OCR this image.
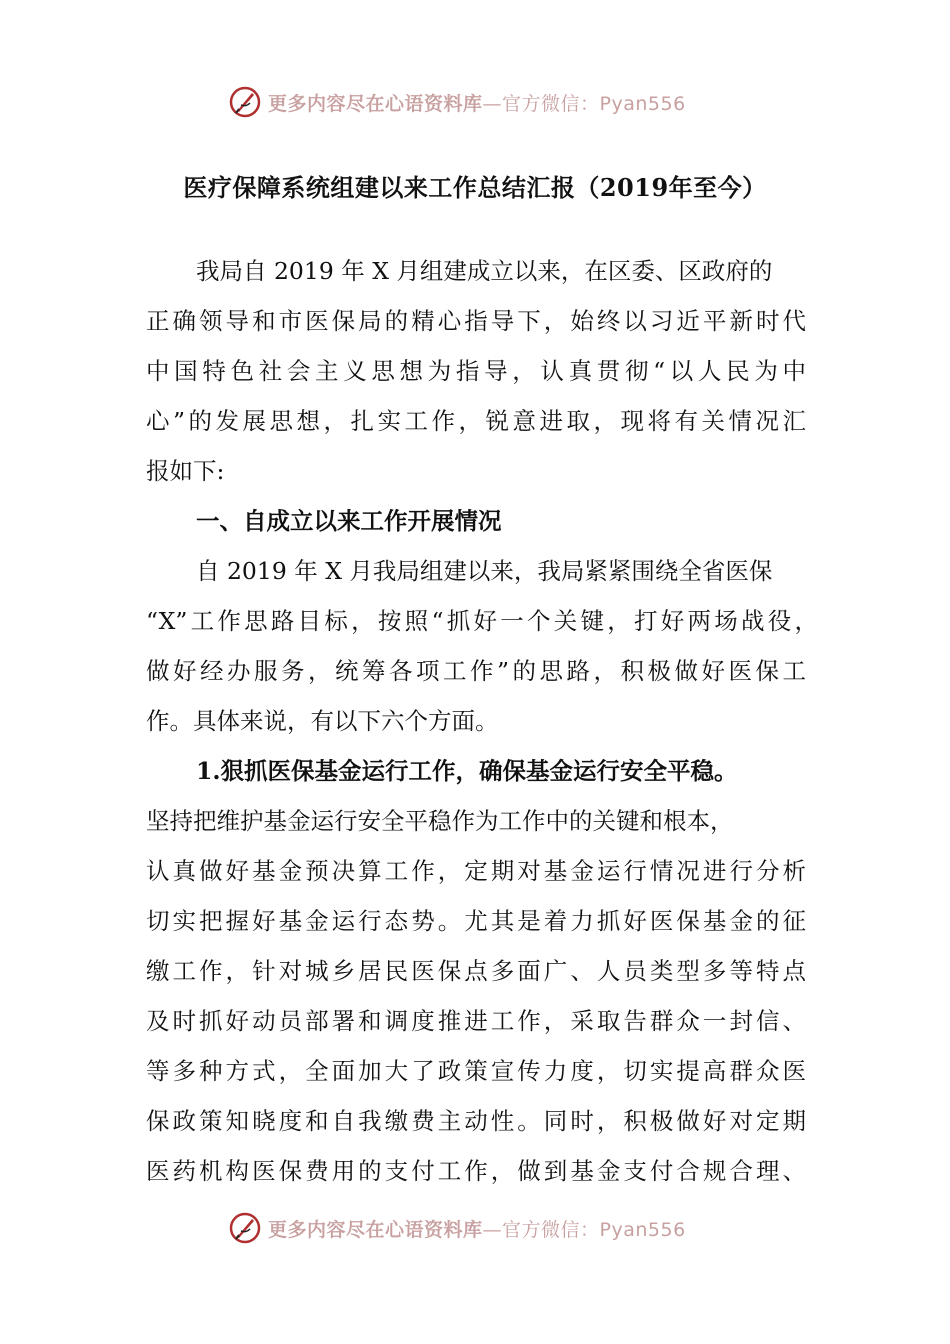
更多内容尽在心语资料库—官方微信：Pyan556
医疗保障系统组建以来工作总结汇报（2019年至今）
我局自 2019 年 X 月组建成立以来，在区委、区政府的
正确领导和市医保局的精心指导下，始终以习近平新时代
中国特色社会主义思想为指导，认真贯彻“以人民为中
心”的发展思想，扎实工作，锐意进取，现将有关情况汇
报如下:
一、自成立以来工作开展情况
自 2019 年 X 月我局组建以来，我局紧紧围绕全省医保
“X”工作思路目标，按照“抓好一个关键，打好两场战役，
做好经办服务，统筹各项工作”的思路，积极做好医保工
作。具体来说，有以下六个方面。
1.狠抓医保基金运行工作，确保基金运行安全平稳。
坚持把维护基金运行安全平稳作为工作中的关键和根本，
认真做好基金预决算工作，定期对基金运行情况进行分析
切实把握好基金运行态势。尤其是着力抓好医保基金的征
缴工作，针对城乡居民医保点多面广、人员类型多等特点
及时抓好动员部署和调度推进工作，采取告群众一封信、
等多种方式，全面加大了政策宣传力度，切实提高群众医
保政策知晓度和自我缴费主动性。同时，积极做好对定期
医药机构医保费用的支付工作，做到基金支付合规合理、
更多内容尽在心语资料库—官方微信：Pyan556
